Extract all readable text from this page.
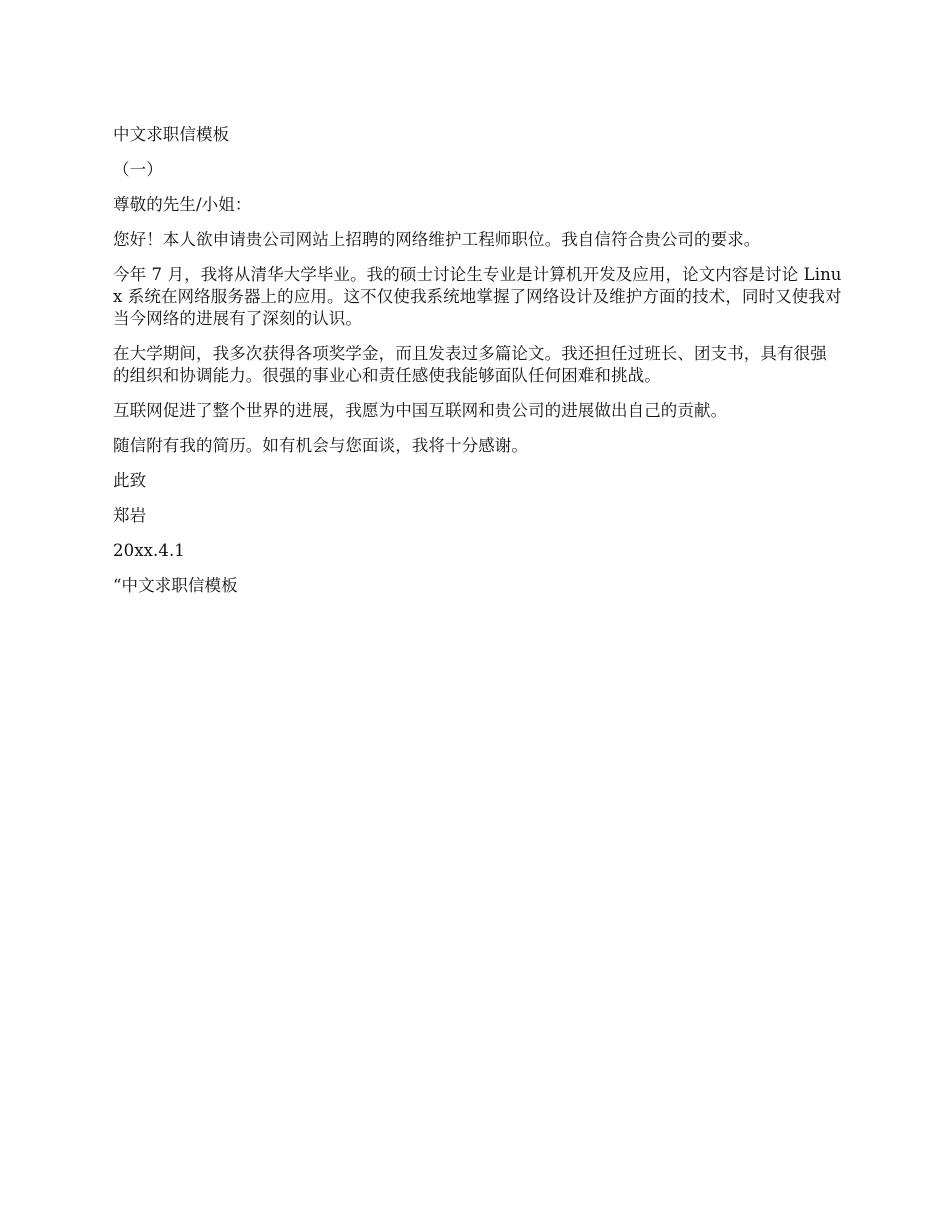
中文求职信模板

（一）

尊敬的先生/小姐：

您好！本人欲申请贵公司网站上招聘的网络维护工程师职位。我自信符合贵公司的要求。

今年 7 月，我将从清华大学毕业。我的硕士讨论生专业是计算机开发及应用，论文内容是讨论 Linux 系统在网络服务器上的应用。这不仅使我系统地掌握了网络设计及维护方面的技术，同时又使我对当今网络的进展有了深刻的认识。

在大学期间，我多次获得各项奖学金，而且发表过多篇论文。我还担任过班长、团支书，具有很强的组织和协调能力。很强的事业心和责任感使我能够面队任何困难和挑战。

互联网促进了整个世界的进展，我愿为中国互联网和贵公司的进展做出自己的贡献。

随信附有我的简历。如有机会与您面谈，我将十分感谢。

此致

郑岩

20xx.4.1

“中文求职信模板
